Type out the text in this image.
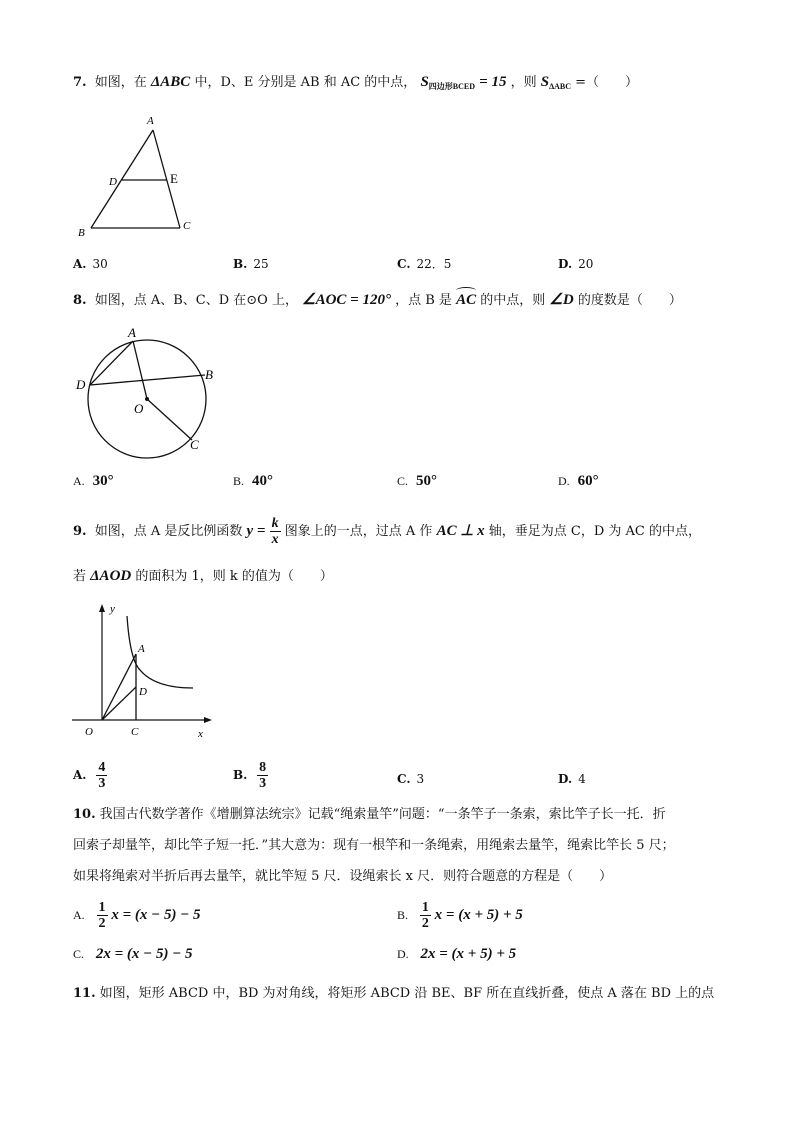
7. 如图，在 ΔABC 中，D、E 分别是 AB 和 AC 的中点， $S_{四边形BCED} = 15$ ，则 $S_{\Delta ABC}$ =（　　）
A
D	E
B
C
A. 30	B. 25	C. 22．5	D. 20
8. 如图，点 A、B、C、D 在⊙O 上， ∠AOC = 120° ，点 B 是 AC 的中点，则 ∠D 的度数是（　　）
A
B
C
D
O
A. 30°	B. 40°	C. 50°	D. 60°
9. 如图，点 A 是反比例函数 $y = \frac{k}{x}$ 图象上的一点，过点 A 作 AC ⊥ x 轴，垂足为点 C，D 为 AC 的中点，
若 ΔAOD 的面积为 1，则 k 的值为（　　）
y
A
D
O	C	x
A. $\frac{4}{3}$	B. $\frac{8}{3}$	C. 3	D. 4
10. 我国古代数学著作《增删算法统宗》记载“绳索量竿”问题：“一条竿子一条索，索比竿子长一托．折
回索子却量竿，却比竿子短一托．”其大意为：现有一根竿和一条绳索，用绳索去量竿，绳索比竿长 5 尺；
如果将绳索对半折后再去量竿，就比竿短 5 尺．设绳索长 x 尺．则符合题意的方程是（　　）
A. $\frac{1}{2}$ x = (x − 5) − 5	B. $\frac{1}{2}$ x = (x + 5) + 5
C. 2x = (x − 5) − 5	D. 2x = (x + 5) + 5
11. 如图，矩形 ABCD 中，BD 为对角线，将矩形 ABCD 沿 BE、BF 所在直线折叠，使点 A 落在 BD 上的点
